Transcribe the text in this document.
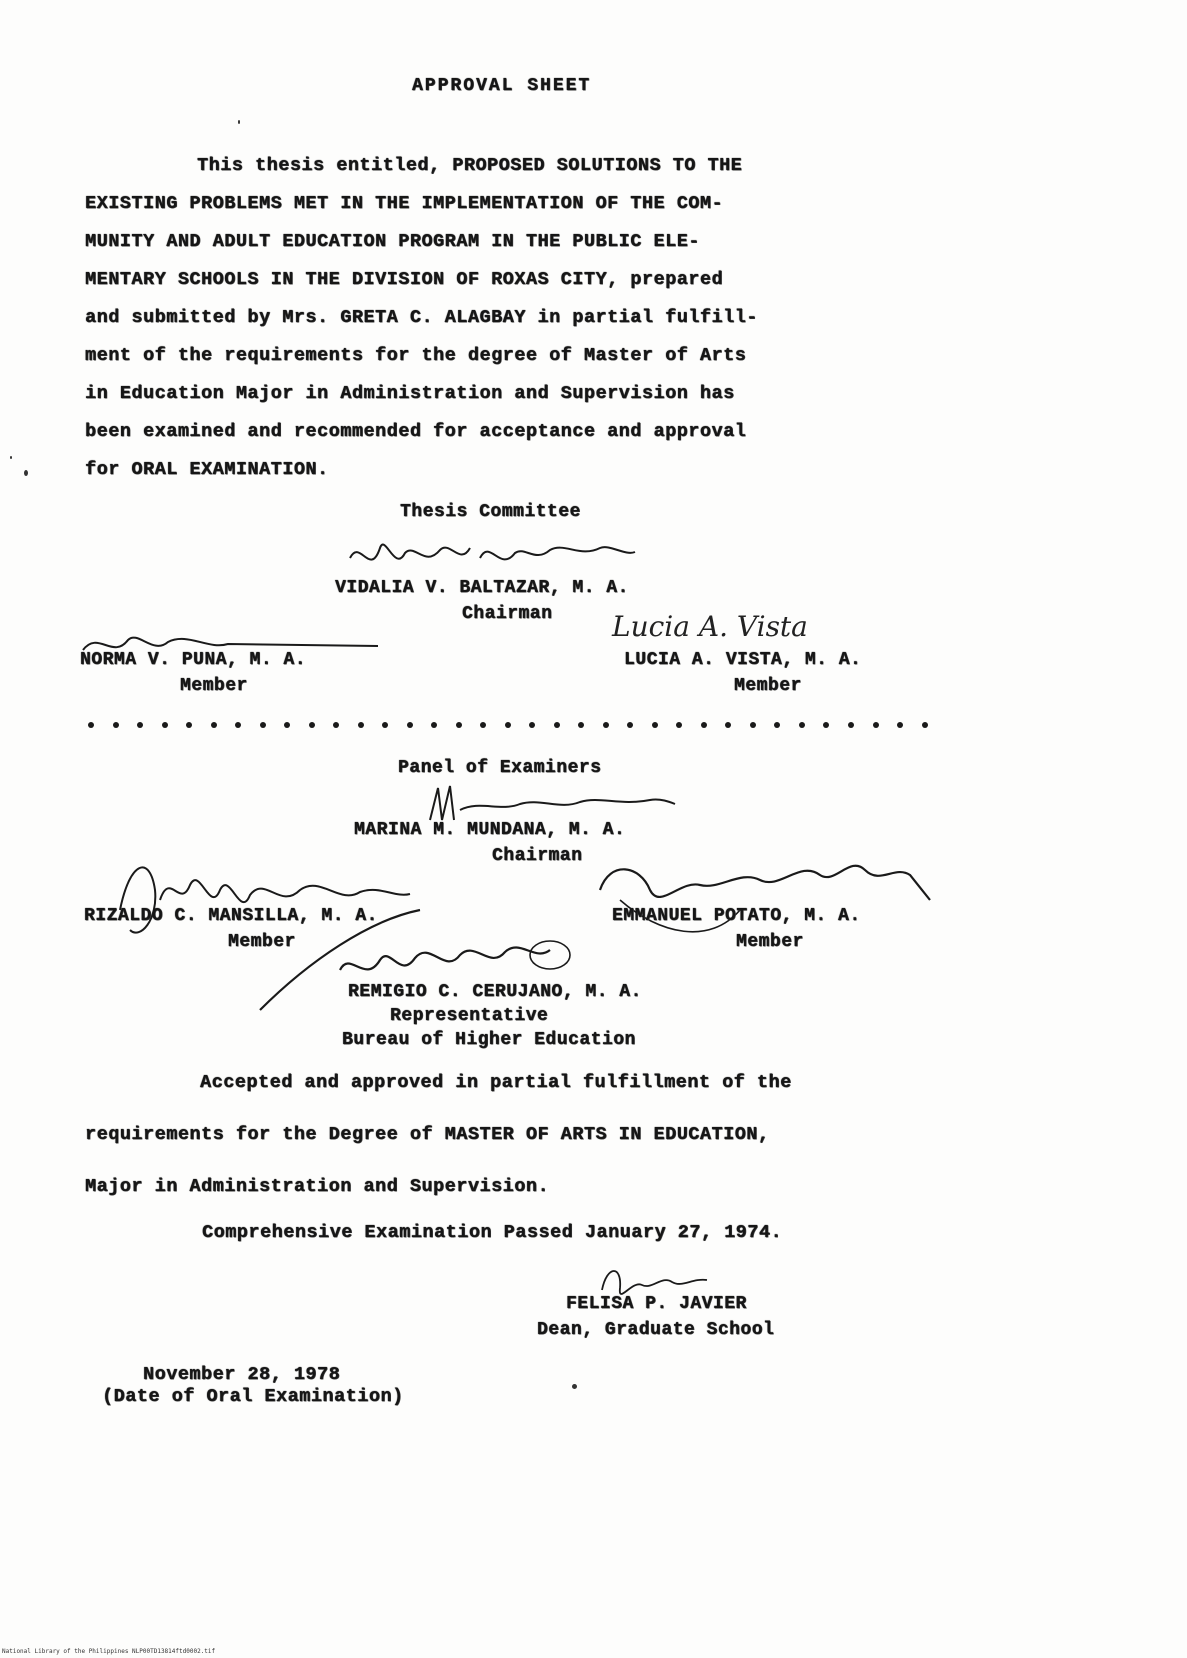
APPROVAL SHEET
This thesis entitled, PROPOSED SOLUTIONS TO THE
EXISTING PROBLEMS MET IN THE IMPLEMENTATION OF THE COM-
MUNITY AND ADULT EDUCATION PROGRAM IN THE PUBLIC ELE-
MENTARY SCHOOLS IN THE DIVISION OF ROXAS CITY, prepared
and submitted by Mrs. GRETA C. ALAGBAY in partial fulfill-
ment of the requirements for the degree of Master of Arts
in Education Major in Administration and Supervision has
been examined and recommended for acceptance and approval
for ORAL EXAMINATION.
Thesis Committee
VIDALIA V. BALTAZAR, M. A.
Chairman
NORMA V. PUNA, M. A.
Member
Lucia A. Vista
LUCIA A. VISTA, M. A.
Member
Panel of Examiners
MARINA M. MUNDANA, M. A.
Chairman
RIZALDO C. MANSILLA, M. A.
Member
EMMANUEL POTATO, M. A.
Member
REMIGIO C. CERUJANO, M. A.
Representative
Bureau of Higher Education
Accepted and approved in partial fulfillment of the
requirements for the Degree of MASTER OF ARTS IN EDUCATION,
Major in Administration and Supervision.
Comprehensive Examination Passed January 27, 1974.
FELISA P. JAVIER
Dean, Graduate School
November 28, 1978
(Date of Oral Examination)
National Library of the Philippines NLP00TD13814ftd0002.tif
